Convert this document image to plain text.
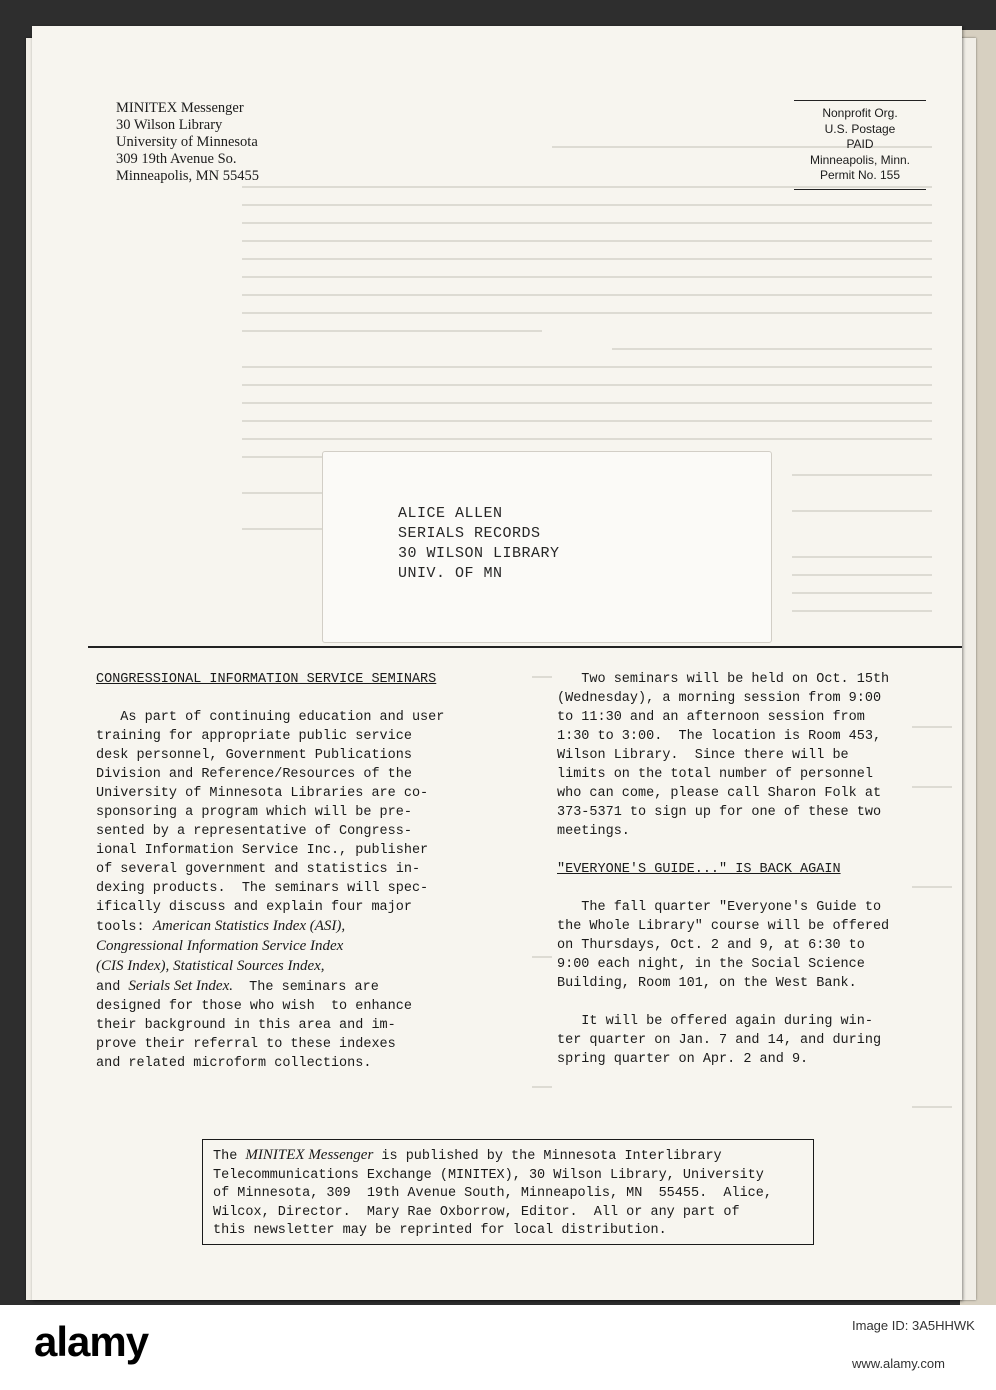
MINITEX Messenger
30 Wilson Library
University of Minnesota
309 19th Avenue So.
Minneapolis, MN 55455
Nonprofit Org.
U.S. Postage
PAID
Minneapolis, Minn.
Permit No. 155
ALICE ALLEN
SERIALS RECORDS
30 WILSON LIBRARY
UNIV. OF MN
CONGRESSIONAL INFORMATION SERVICE SEMINARS

As part of continuing education and user
training for appropriate public service
desk personnel, Government Publications
Division and Reference/Resources of the
University of Minnesota Libraries are co-
sponsoring a program which will be pre-
sented by a representative of Congress-
ional Information Service Inc., publisher
of several government and statistics in-
dexing products.  The seminars will spec-
ifically discuss and explain four major
tools: American Statistics Index (ASI),
Congressional Information Service Index
(CIS Index), Statistical Sources Index,
and Serials Set Index.  The seminars are
designed for those who wish  to enhance
their background in this area and im-
prove their referral to these indexes
and related microform collections.

Two seminars will be held on Oct. 15th
(Wednesday), a morning session from 9:00
to 11:30 and an afternoon session from
1:30 to 3:00.  The location is Room 453,
Wilson Library.  Since there will be
limits on the total number of personnel
who can come, please call Sharon Folk at
373-5371 to sign up for one of these two
meetings.

"EVERYONE'S GUIDE..." IS BACK AGAIN

The fall quarter "Everyone's Guide to
the Whole Library" course will be offered
on Thursdays, Oct. 2 and 9, at 6:30 to
9:00 each night, in the Social Science
Building, Room 101, on the West Bank.

It will be offered again during win-
ter quarter on Jan. 7 and 14, and during
spring quarter on Apr. 2 and 9.

The MINITEX Messenger is published by the Minnesota Interlibrary
Telecommunications Exchange (MINITEX), 30 Wilson Library, University
of Minnesota, 309  19th Avenue South, Minneapolis, MN  55455.  Alice,
Wilcox, Director.  Mary Rae Oxborrow, Editor.  All or any part of
this newsletter may be reprinted for local distribution.
alamy	Image ID: 3A5HHWK
www.alamy.com
